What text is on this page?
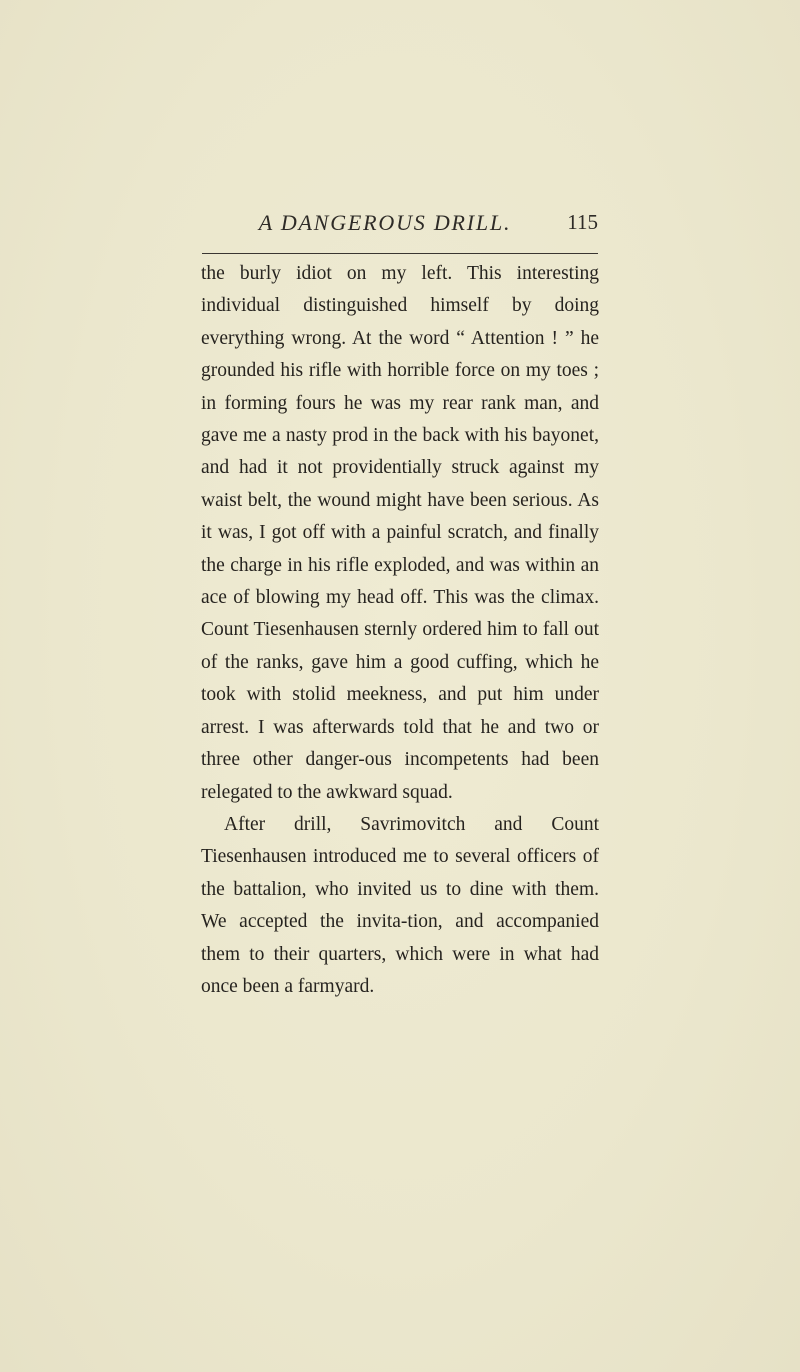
A DANGEROUS DRILL.	115

the burly idiot on my left. This interesting individual distinguished himself by doing everything wrong. At the word “ Attention ! ” he grounded his rifle with horrible force on my toes ; in forming fours he was my rear rank man, and gave me a nasty prod in the back with his bayonet, and had it not providentially struck against my waist belt, the wound might have been serious. As it was, I got off with a painful scratch, and finally the charge in his rifle exploded, and was within an ace of blowing my head off. This was the climax. Count Tiesenhausen sternly ordered him to fall out of the ranks, gave him a good cuffing, which he took with stolid meekness, and put him under arrest. I was afterwards told that he and two or three other danger-ous incompetents had been relegated to the awkward squad.

After drill, Savrimovitch and Count Tiesenhausen introduced me to several officers of the battalion, who invited us to dine with them. We accepted the invita-tion, and accompanied them to their quarters, which were in what had once been a farmyard.
